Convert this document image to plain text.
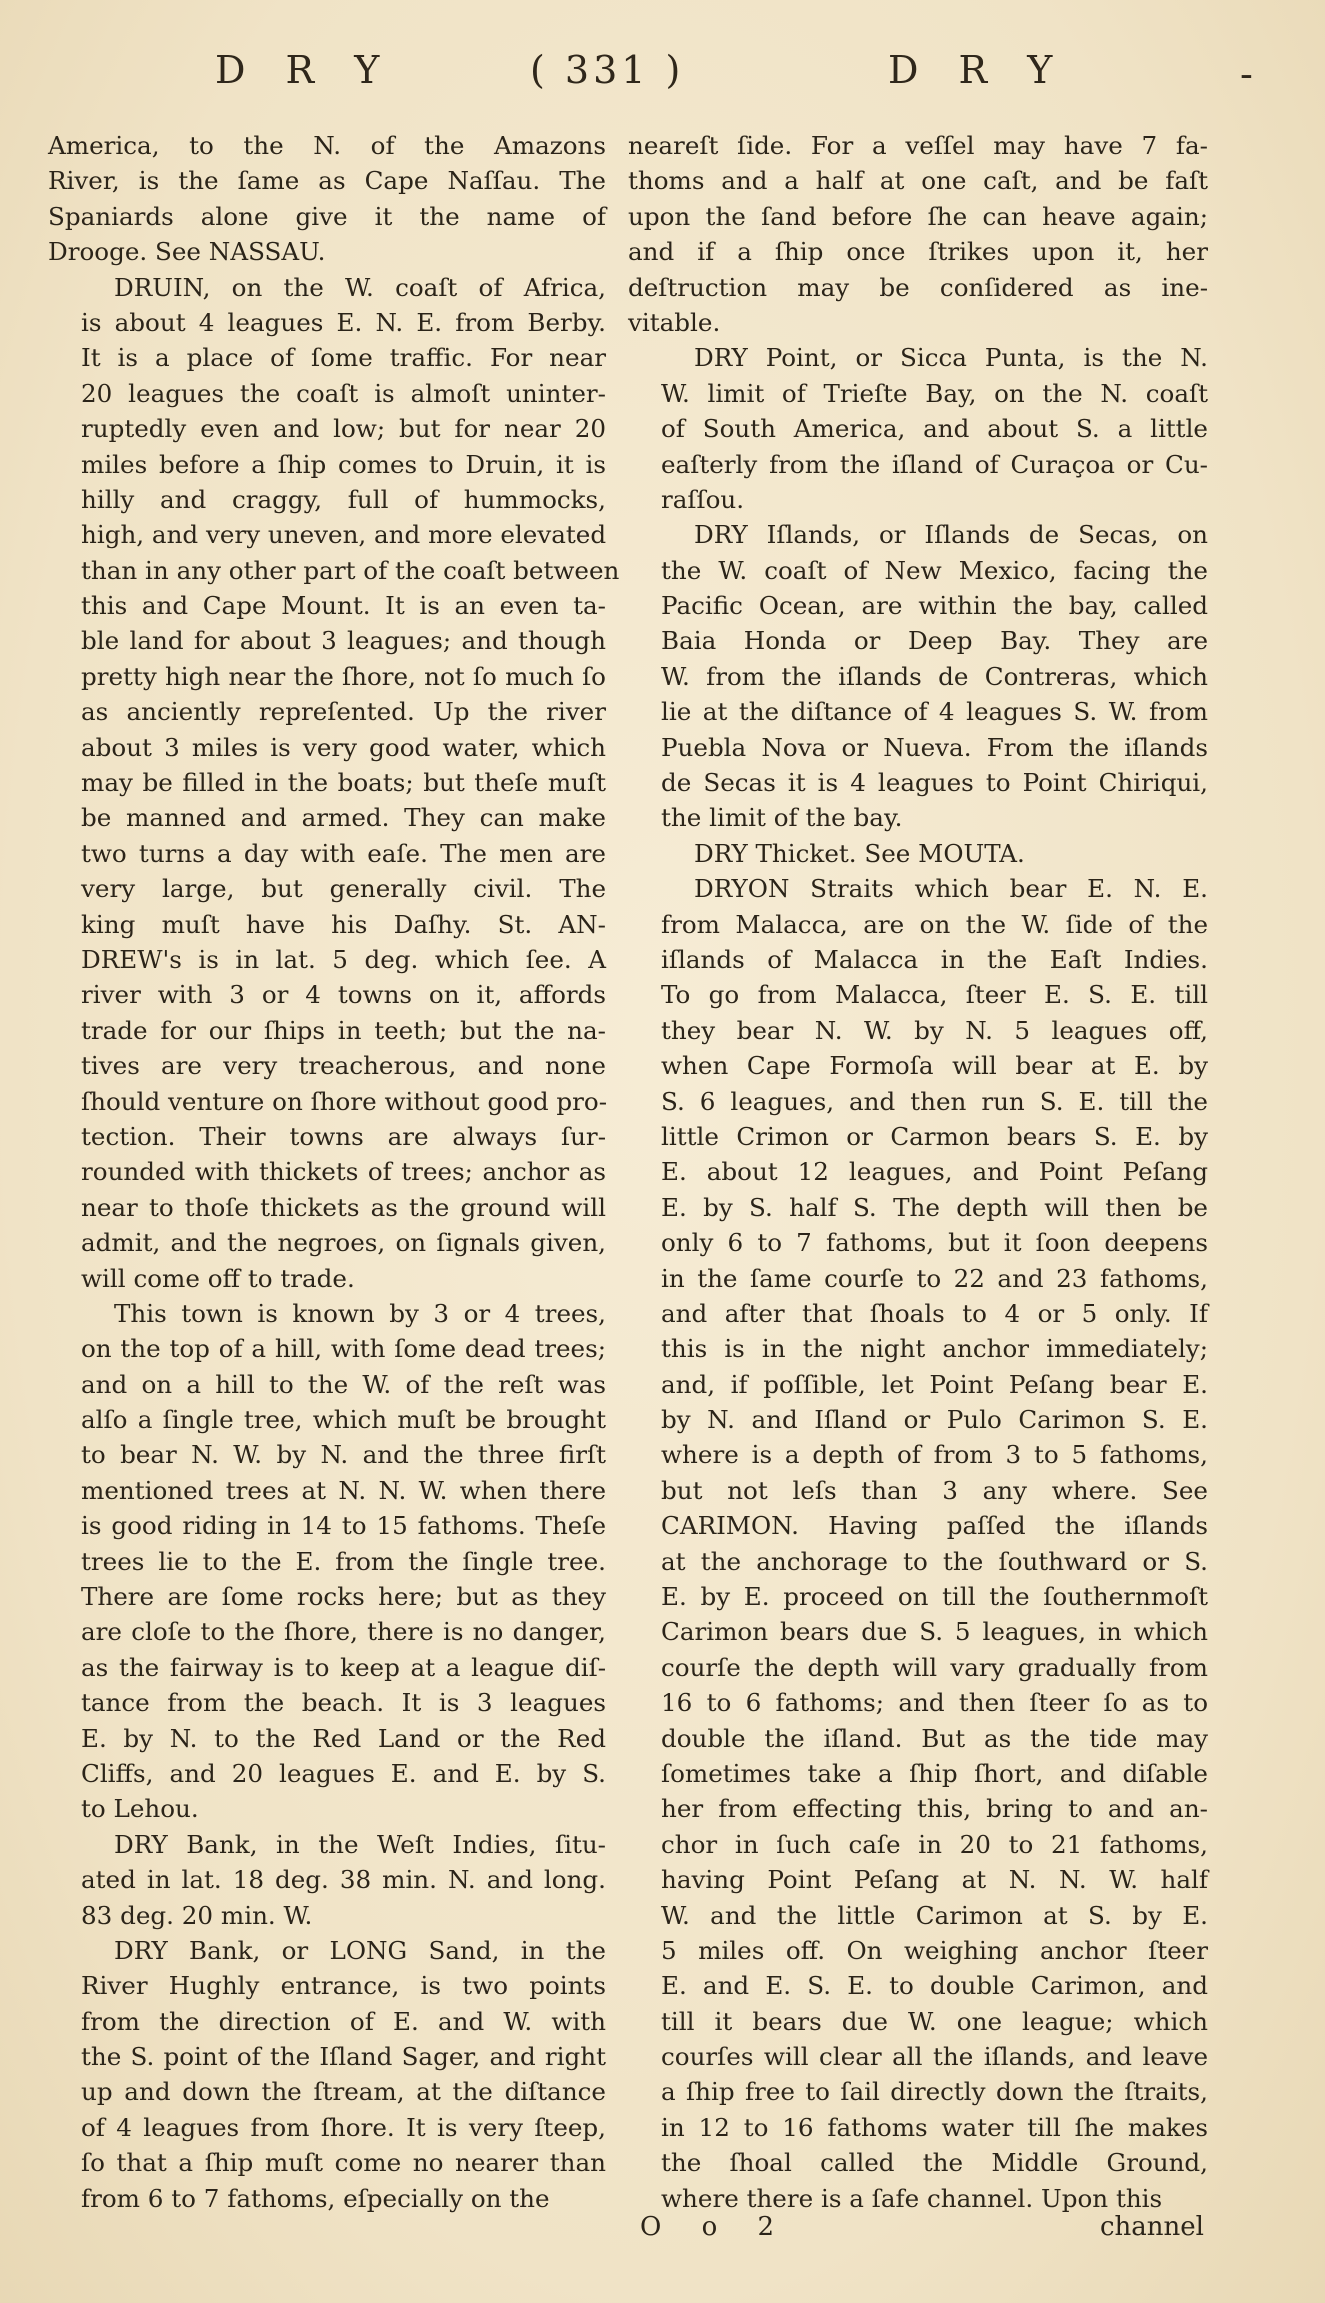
D R Y	( 331 )	D R Y	-
America, to the N. of the Amazons
River, is the ſame as Cape Naſſau. The
Spaniards alone give it the name of
Drooge. See NASSAU.
DRUIN, on the W. coaſt of Africa,
is about 4 leagues E. N. E. from Berby.
It is a place of ſome traffic. For near
20 leagues the coaſt is almoſt uninter-
ruptedly even and low; but for near 20
miles before a ſhip comes to Druin, it is
hilly and craggy, full of hummocks,
high, and very uneven, and more elevated
than in any other part of the coaſt between
this and Cape Mount. It is an even ta-
ble land for about 3 leagues; and though
pretty high near the ſhore, not ſo much ſo
as anciently repreſented. Up the river
about 3 miles is very good water, which
may be filled in the boats; but theſe muſt
be manned and armed. They can make
two turns a day with eaſe. The men are
very large, but generally civil. The
king muſt have his Daſhy. St. AN-
DREW's is in lat. 5 deg. which ſee. A
river with 3 or 4 towns on it, affords
trade for our ſhips in teeth; but the na-
tives are very treacherous, and none
ſhould venture on ſhore without good pro-
tection. Their towns are always ſur-
rounded with thickets of trees; anchor as
near to thoſe thickets as the ground will
admit, and the negroes, on ſignals given,
will come off to trade.
This town is known by 3 or 4 trees,
on the top of a hill, with ſome dead trees;
and on a hill to the W. of the reſt was
alſo a ſingle tree, which muſt be brought
to bear N. W. by N. and the three firſt
mentioned trees at N. N. W. when there
is good riding in 14 to 15 fathoms. Theſe
trees lie to the E. from the ſingle tree.
There are ſome rocks here; but as they
are cloſe to the ſhore, there is no danger,
as the fairway is to keep at a league diſ-
tance from the beach. It is 3 leagues
E. by N. to the Red Land or the Red
Cliffs, and 20 leagues E. and E. by S.
to Lehou.
DRY Bank, in the Weſt Indies, ſitu-
ated in lat. 18 deg. 38 min. N. and long.
83 deg. 20 min. W.
DRY Bank, or LONG Sand, in the
River Hughly entrance, is two points
from the direction of E. and W. with
the S. point of the Iſland Sager, and right
up and down the ſtream, at the diſtance
of 4 leagues from ſhore. It is very ſteep,
ſo that a ſhip muſt come no nearer than
from 6 to 7 fathoms, eſpecially on the
neareſt ſide. For a veſſel may have 7 fa-
thoms and a half at one caſt, and be faſt
upon the ſand before ſhe can heave again;
and if a ſhip once ſtrikes upon it, her
deſtruction may be conſidered as ine-
vitable.
DRY Point, or Sicca Punta, is the N.
W. limit of Trieſte Bay, on the N. coaſt
of South America, and about S. a little
eaſterly from the iſland of Curaçoa or Cu-
raſſou.
DRY Iſlands, or Iſlands de Secas, on
the W. coaſt of New Mexico, facing the
Pacific Ocean, are within the bay, called
Baia Honda or Deep Bay. They are
W. from the iſlands de Contreras, which
lie at the diſtance of 4 leagues S. W. from
Puebla Nova or Nueva. From the iſlands
de Secas it is 4 leagues to Point Chiriqui,
the limit of the bay.
DRY Thicket. See MOUTA.
DRYON Straits which bear E. N. E.
from Malacca, are on the W. ſide of the
iſlands of Malacca in the Eaſt Indies.
To go from Malacca, ſteer E. S. E. till
they bear N. W. by N. 5 leagues off,
when Cape Formoſa will bear at E. by
S. 6 leagues, and then run S. E. till the
little Crimon or Carmon bears S. E. by
E. about 12 leagues, and Point Peſang
E. by S. half S. The depth will then be
only 6 to 7 fathoms, but it ſoon deepens
in the ſame courſe to 22 and 23 fathoms,
and after that ſhoals to 4 or 5 only. If
this is in the night anchor immediately;
and, if poſſible, let Point Peſang bear E.
by N. and Iſland or Pulo Carimon S. E.
where is a depth of from 3 to 5 fathoms,
but not leſs than 3 any where. See
CARIMON. Having paſſed the iſlands
at the anchorage to the ſouthward or S.
E. by E. proceed on till the ſouthernmoſt
Carimon bears due S. 5 leagues, in which
courſe the depth will vary gradually from
16 to 6 fathoms; and then ſteer ſo as to
double the iſland. But as the tide may
ſometimes take a ſhip ſhort, and diſable
her from effecting this, bring to and an-
chor in ſuch caſe in 20 to 21 fathoms,
having Point Peſang at N. N. W. half
W. and the little Carimon at S. by E.
5 miles off. On weighing anchor ſteer
E. and E. S. E. to double Carimon, and
till it bears due W. one league; which
courſes will clear all the iſlands, and leave
a ſhip free to ſail directly down the ſtraits,
in 12 to 16 fathoms water till ſhe makes
the ſhoal called the Middle Ground,
where there is a ſafe channel. Upon this
O o 2	channel
